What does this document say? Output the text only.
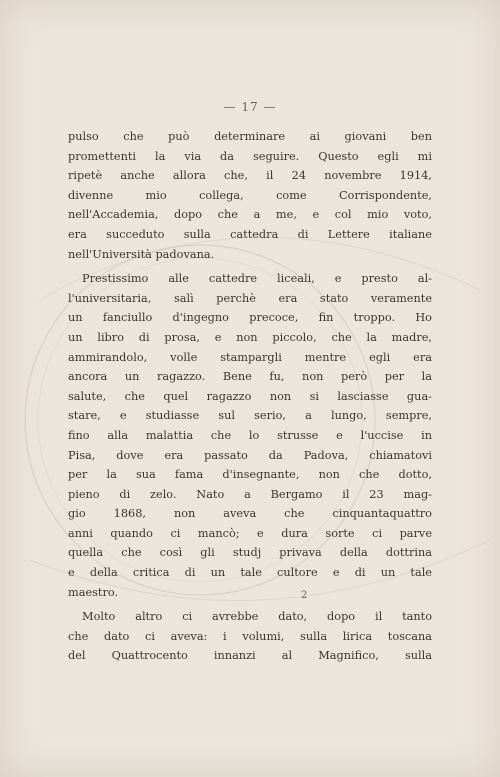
— 17 —
pulso che può determinare ai giovani ben
promettenti la via da seguire. Questo egli mi
ripetè anche allora che, il 24 novembre 1914,
divenne mio collega, come Corrispondente,
nell'Accademia, dopo che a me, e col mio voto,
era succeduto sulla cattedra di Lettere italiane
nell'Università padovana.
Prestissimo alle cattedre liceali, e presto al-
l'universitaria, salì perchè era stato veramente
un fanciullo d'ingegno precoce, fin troppo. Ho
un libro di prosa, e non piccolo, che la madre,
ammirandolo, volle stampargli mentre egli era
ancora un ragazzo. Bene fu, non però per la
salute, che quel ragazzo non si lasciasse gua-
stare, e studiasse sul serio, a lungo, sempre,
fino alla malattia che lo strusse e l'uccise in
Pisa, dove era passato da Padova, chiamatovi
per la sua fama d'insegnante, non che dotto,
pieno di zelo. Nato a Bergamo il 23 mag-
gio 1868, non aveva che cinquantaquattro
anni quando ci mancò; e dura sorte ci parve
quella che così gli studj privava della dottrina
e della critica di un tale cultore e di un tale
maestro.
Molto altro ci avrebbe dato, dopo il tanto
che dato ci aveva: i volumi, sulla lirica toscana
del Quattrocento innanzi al Magnifico, sulla
2
